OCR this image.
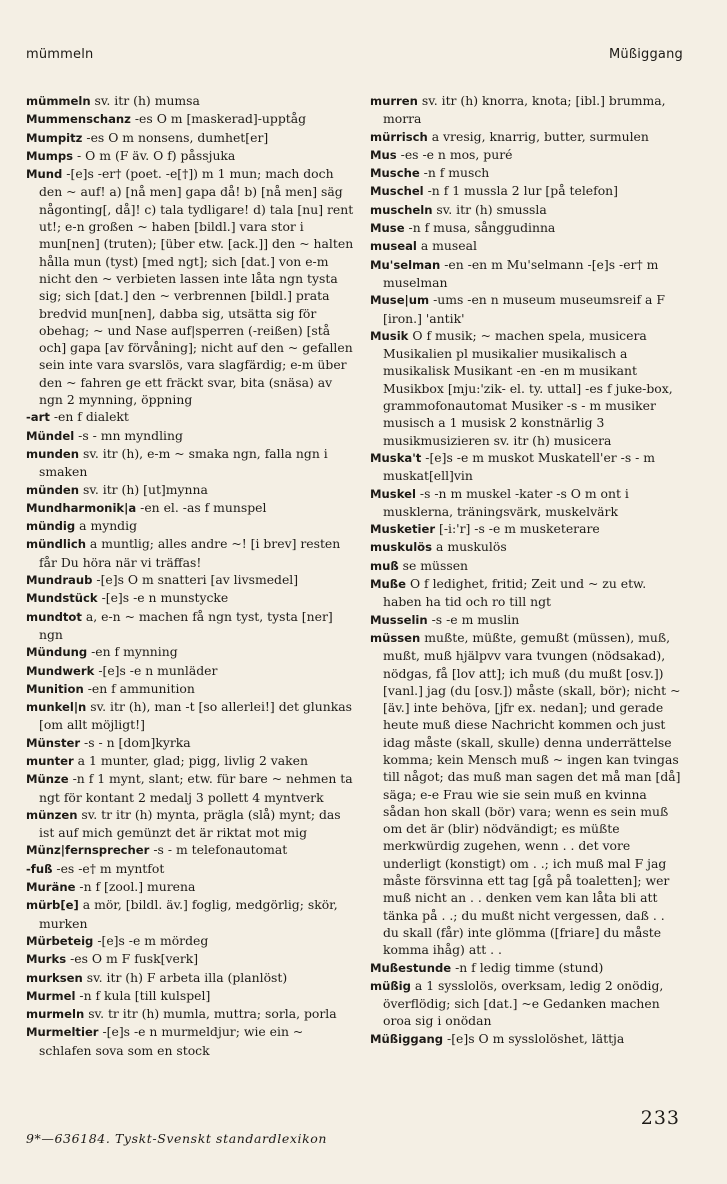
mümmeln	Müßiggang

mümmeln sv. itr (h) mumsa

Mummenschanz -es O m [maskerad]-upptåg

Mumpitz -es O m nonsens, dumhet[er]

Mumps - O m (F äv. O f) påssjuka

Mund -[e]s -er† (poet. -e[†]) m 1 mun; mach doch den ~ auf! a) [nå men] gapa då! b) [nå men] säg någonting[, då]! c) tala tydligare! d) tala [nu] rent ut!; e-n großen ~ haben [bildl.] vara stor i mun[nen] (truten); [über etw. [ack.]] den ~ halten hålla mun (tyst) [med ngt]; sich [dat.] von e-m nicht den ~ verbieten lassen inte låta ngn tysta sig; sich [dat.] den ~ verbrennen [bildl.] prata bredvid mun[nen], dabba sig, utsätta sig för obehag; ~ und Nase auf|sperren (-reißen) [stå och] gapa [av förvåning]; nicht auf den ~ gefallen sein inte vara svarslös, vara slagfärdig; e-m über den ~ fahren ge ett fräckt svar, bita (snäsa) av ngn 2 mynning, öppning

-art -en f dialekt

Mündel -s - mn myndling

munden sv. itr (h), e-m ~ smaka ngn, falla ngn i smaken

münden sv. itr (h) [ut]mynna

Mundharmonik|a -en el. -as f munspel

mündig a myndig

mündlich a muntlig; alles andre ~! [i brev] resten får Du höra när vi träffas!

Mundraub -[e]s O m snatteri [av livsmedel]

Mundstück -[e]s -e n munstycke

mundtot a, e-n ~ machen få ngn tyst, tysta [ner] ngn

Mündung -en f mynning

Mundwerk -[e]s -e n munläder

Munition -en f ammunition

munkel|n sv. itr (h), man -t [so allerlei!] det glunkas [om allt möjligt!]

Münster -s - n [dom]kyrka

munter a 1 munter, glad; pigg, livlig 2 vaken

Münze -n f 1 mynt, slant; etw. für bare ~ nehmen ta ngt för kontant 2 medalj 3 pollett 4 myntverk

münzen sv. tr itr (h) mynta, prägla (slå) mynt; das ist auf mich gemünzt det är riktat mot mig

Münz|fernsprecher -s - m telefonautomat

-fuß -es -e† m myntfot

Muräne -n f [zool.] murena

mürb[e] a mör, [bildl. äv.] foglig, medgörlig; skör, murken

Mürbeteig -[e]s -e m mördeg

Murks -es O m F fusk[verk]

murksen sv. itr (h) F arbeta illa (planlöst)

Murmel -n f kula [till kulspel]

murmeln sv. tr itr (h) mumla, muttra; sorla, porla

Murmeltier -[e]s -e n murmeldjur; wie ein ~ schlafen sova som en stock

murren sv. itr (h) knorra, knota; [ibl.] brumma, morra

mürrisch a vresig, knarrig, butter, surmulen

Mus -es -e n mos, puré

Musche -n f musch

Muschel -n f 1 mussla 2 lur [på telefon]

muscheln sv. itr (h) smussla

Muse -n f musa, sånggudinna

museal a museal

Mu'selman -en -en m Mu'selmann -[e]s -er† m muselman

Muse|um -ums -en n museum museumsreif a F [iron.] 'antik'

Musik O f musik; ~ machen spela, musicera Musikalien pl musikalier musikalisch a musikalisk Musikant -en -en m musikant Musikbox [mju:'zik- el. ty. uttal] -es f juke-box, grammofonautomat Musiker -s - m musiker musisch a 1 musisk 2 konstnärlig 3 musikmusizieren sv. itr (h) musicera

Muska't -[e]s -e m muskot Muskatell'er -s - m muskat[ell]vin

Muskel -s -n m muskel -kater -s O m ont i musklerna, träningsvärk, muskelvärk

Musketier [-i:'r] -s -e m musketerare

muskulös a muskulös

muß se müssen

Muße O f ledighet, fritid; Zeit und ~ zu etw. haben ha tid och ro till ngt

Musselin -s -e m muslin

müssen mußte, müßte, gemußt (müssen), muß, mußt, muß hjälpvv vara tvungen (nödsakad), nödgas, få [lov att]; ich muß (du mußt [osv.]) [vanl.] jag (du [osv.]) måste (skall, bör); nicht ~ [äv.] inte behöva, [jfr ex. nedan]; und gerade heute muß diese Nachricht kommen och just idag måste (skall, skulle) denna underrättelse komma; kein Mensch muß ~ ingen kan tvingas till något; das muß man sagen det må man [då] säga; e-e Frau wie sie sein muß en kvinna sådan hon skall (bör) vara; wenn es sein muß om det är (blir) nödvändigt; es müßte merkwürdig zugehen, wenn . . det vore underligt (konstigt) om . .; ich muß mal F jag måste försvinna ett tag [gå på toaletten]; wer muß nicht an . . denken vem kan låta bli att tänka på . .; du mußt nicht vergessen, daß . . du skall (får) inte glömma ([friare] du måste komma ihåg) att . .

Mußestunde -n f ledig timme (stund)

müßig a 1 sysslolös, overksam, ledig 2 onödig, överflödig; sich [dat.] ~e Gedanken machen oroa sig i onödan

Müßiggang -[e]s O m sysslolöshet, lättja

9*—636184. Tyskt-Svenskt standardlexikon
233
